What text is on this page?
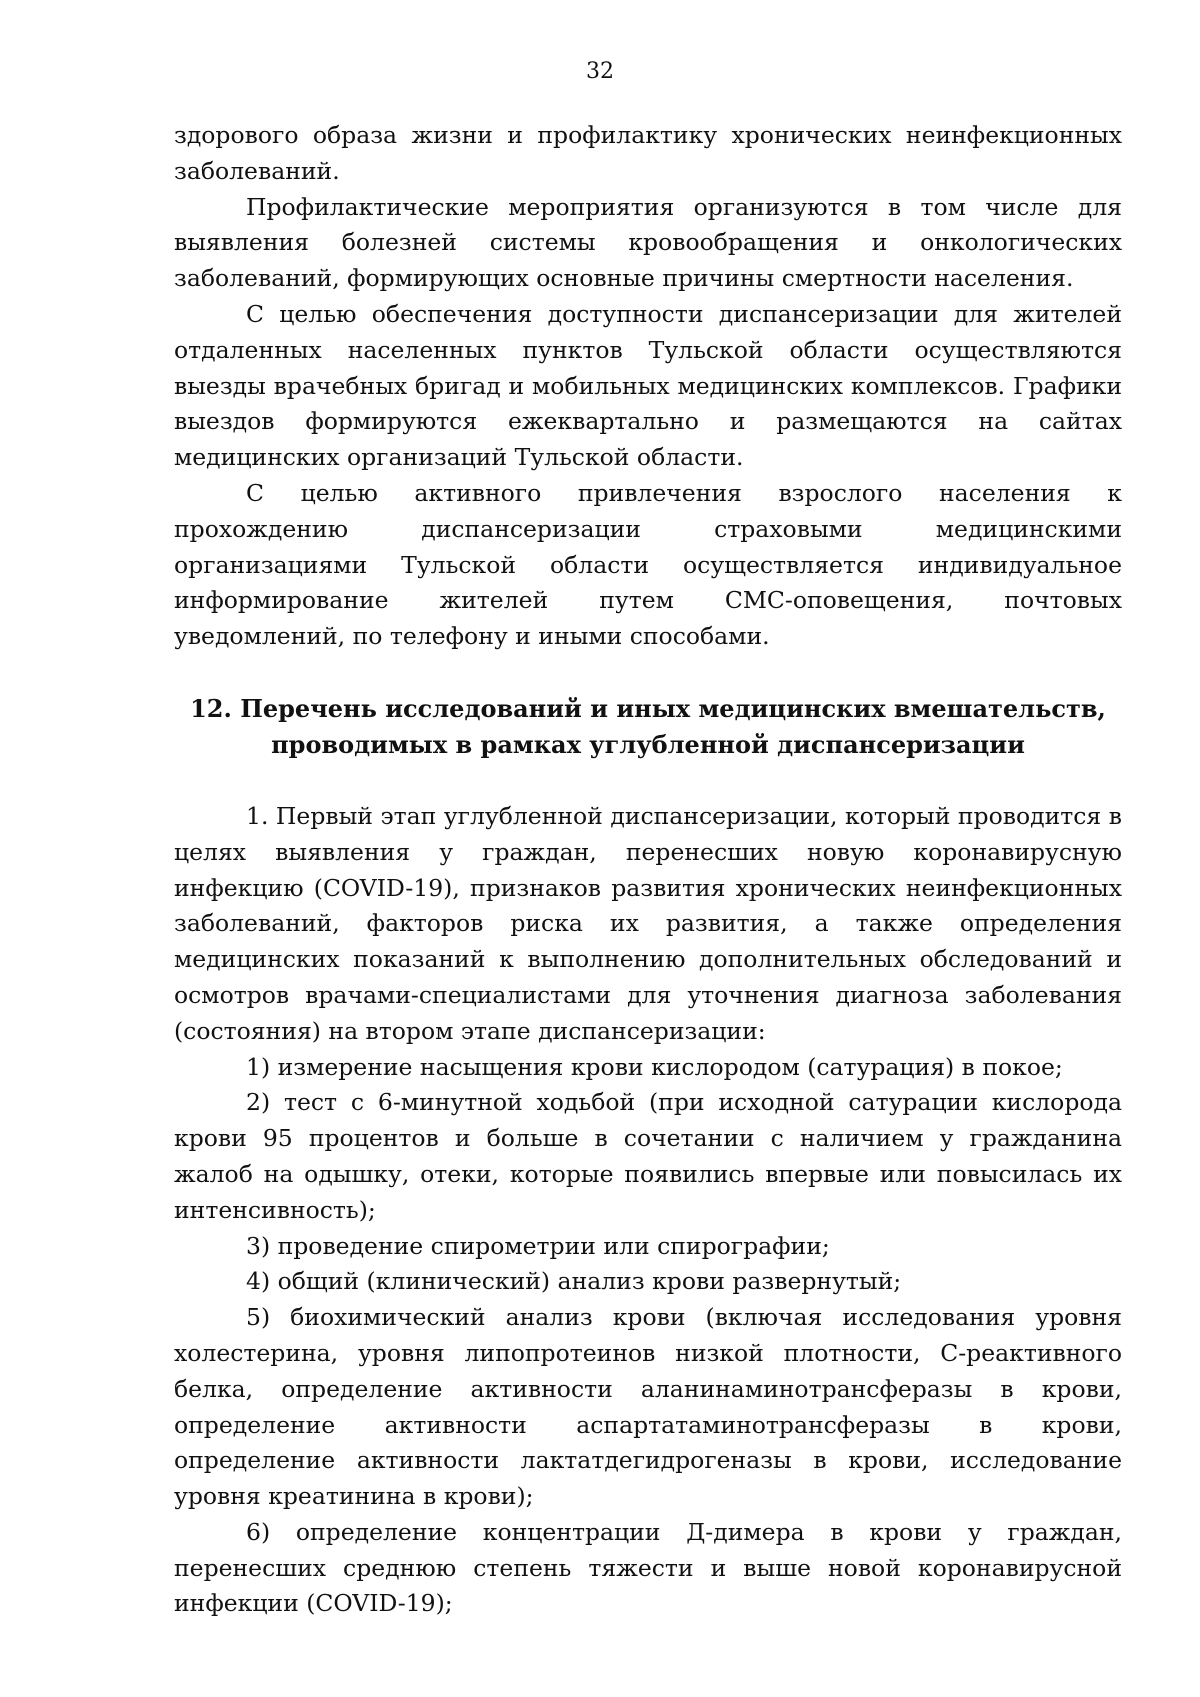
32

здорового образа жизни и профилактику хронических неинфекционных заболеваний.

Профилактические мероприятия организуются в том числе для выявления болезней системы кровообращения и онкологических заболеваний, формирующих основные причины смертности населения.

С целью обеспечения доступности диспансеризации для жителей отдаленных населенных пунктов Тульской области осуществляются выезды врачебных бригад и мобильных медицинских комплексов. Графики выездов формируются ежеквартально и размещаются на сайтах медицинских организаций Тульской области.

С целью активного привлечения взрослого населения к прохождению диспансеризации страховыми медицинскими организациями Тульской области осуществляется индивидуальное информирование жителей путем СМС-оповещения, почтовых уведомлений, по телефону и иными способами.

12. Перечень исследований и иных медицинских вмешательств,
проводимых в рамках углубленной диспансеризации

1. Первый этап углубленной диспансеризации, который проводится в целях выявления у граждан, перенесших новую коронавирусную инфекцию (COVID-19), признаков развития хронических неинфекционных заболеваний, факторов риска их развития, а также определения медицинских показаний к выполнению дополнительных обследований и осмотров врачами-специалистами для уточнения диагноза заболевания (состояния) на втором этапе диспансеризации:

1) измерение насыщения крови кислородом (сатурация) в покое;

2) тест с 6-минутной ходьбой (при исходной сатурации кислорода крови 95 процентов и больше в сочетании с наличием у гражданина жалоб на одышку, отеки, которые появились впервые или повысилась их интенсивность);

3) проведение спирометрии или спирографии;

4) общий (клинический) анализ крови развернутый;

5) биохимический анализ крови (включая исследования уровня холестерина, уровня липопротеинов низкой плотности, С-реактивного белка, определение активности аланинаминотрансферазы в крови, определение активности аспартатаминотрансферазы в крови, определение активности лактатдегидрогеназы в крови, исследование уровня креатинина в крови);

6) определение концентрации Д-димера в крови у граждан, перенесших среднюю степень тяжести и выше новой коронавирусной инфекции (COVID-19);
